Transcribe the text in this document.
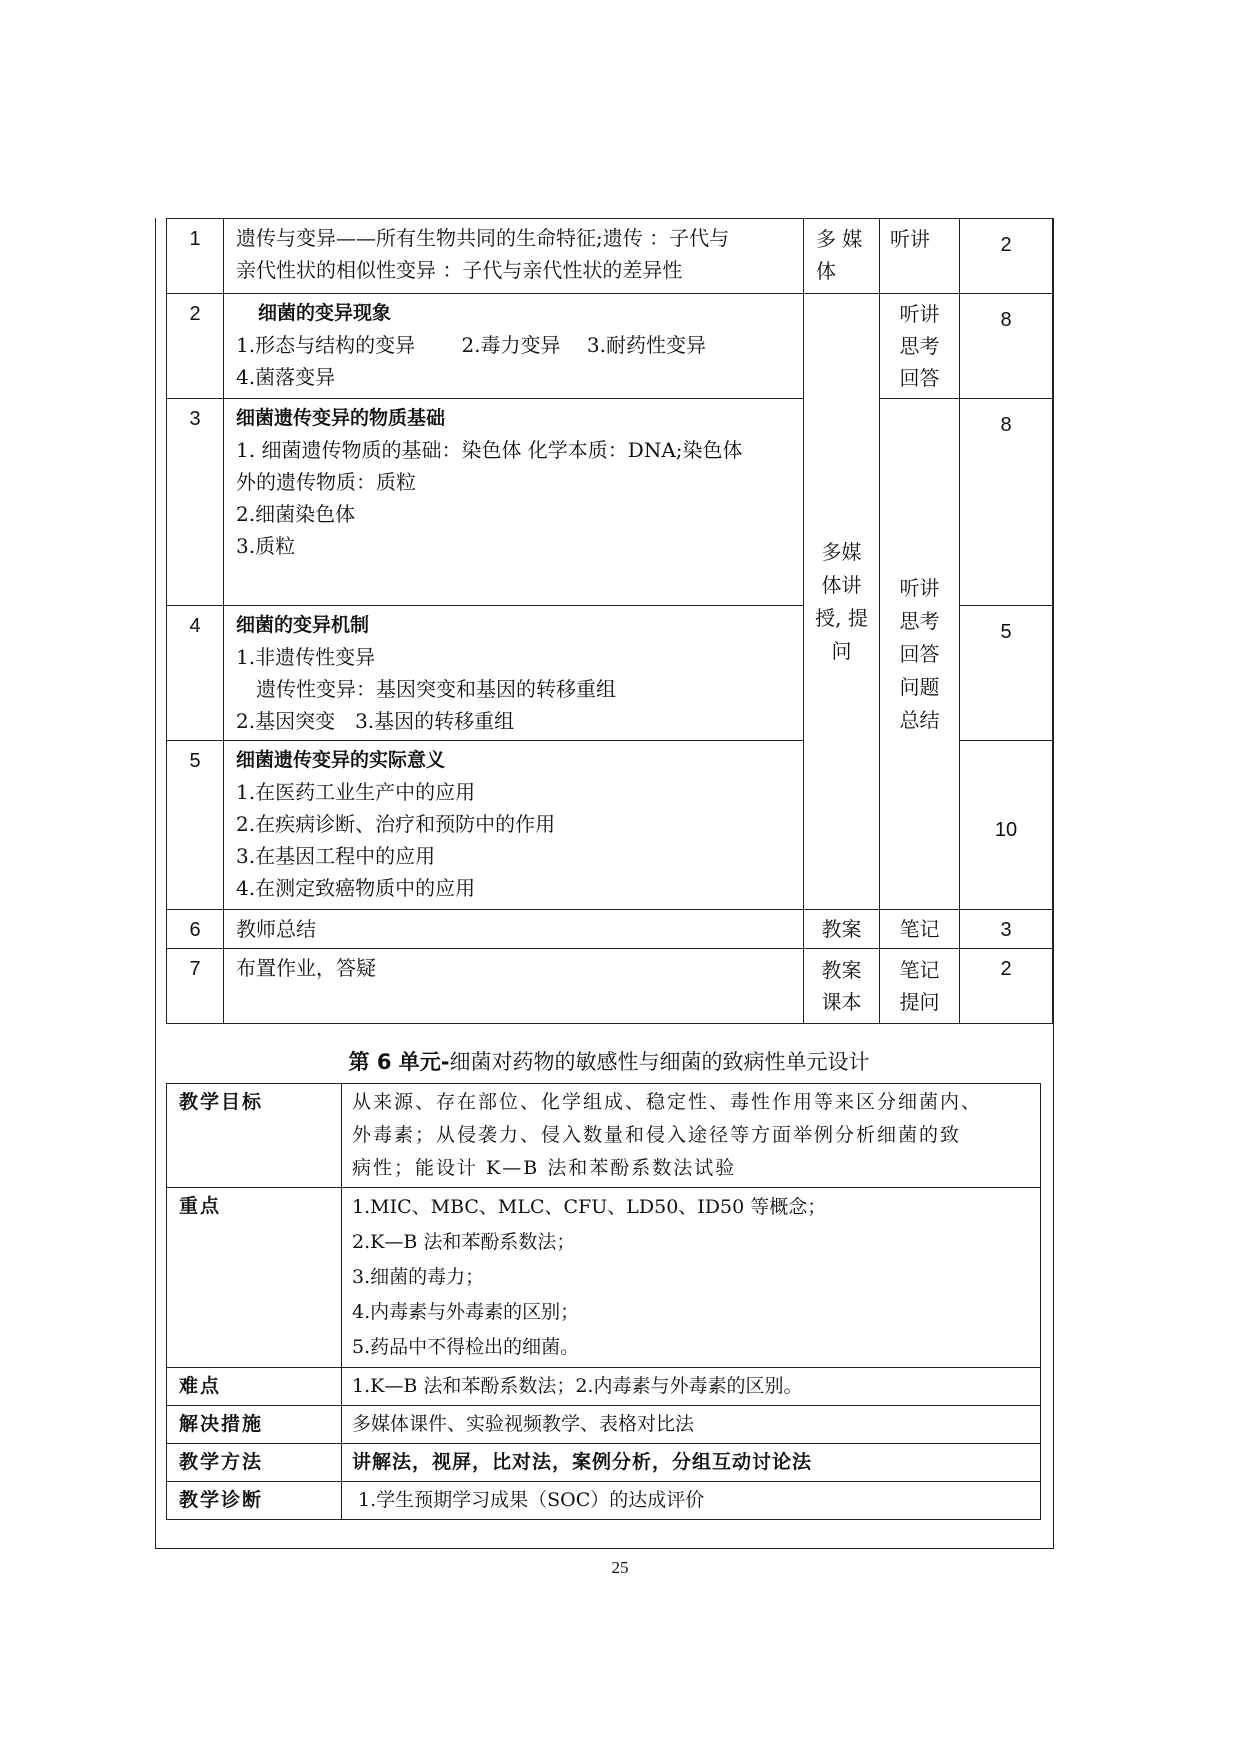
1	遗传与变异——所有生物共同的生命特征;遗传 ：子代与
亲代性状的相似性变异 ：子代与亲代性状的差异性	多 媒 体	听讲	2
2	细菌的变异现象
1.形态与结构的变异　　 2.毒力变异　 3.耐药性变异
4.菌落变异	多媒 体讲 授, 提问	听讲 思考 回答	8
3	细菌遗传变异的物质基础
1. 细菌遗传物质的基础：染色体 化学本质：DNA;染色体
外的遗传物质：质粒
2.细菌染色体
3.质粒		听讲 思考 回答 问题 总结	8
4	细菌的变异机制
1.非遗传性变异
　遗传性变异：基因突变和基因的转移重组
2.基因突变　3.基因的转移重组			5
5	细菌遗传变异的实际意义
1.在医药工业生产中的应用
2.在疾病诊断、治疗和预防中的作用
3.在基因工程中的应用
4.在测定致癌物质中的应用			10
6	教师总结	教案	笔记	3
7	布置作业，答疑	教案 课本	笔记 提问	2
第 6 单元-细菌对药物的敏感性与细菌的致病性单元设计
教学目标	从来源、存在部位、化学组成、稳定性、毒性作用等来区分细菌内、
外毒素；从侵袭力、侵入数量和侵入途径等方面举例分析细菌的致
病性；能设计 K—B 法和苯酚系数法试验

重点	1.MIC、MBC、MLC、CFU、LD50、ID50 等概念；
2.K—B 法和苯酚系数法；
3.细菌的毒力；
4.内毒素与外毒素的区别；
5.药品中不得检出的细菌。

难点	1.K—B 法和苯酚系数法；2.内毒素与外毒素的区别。

解决措施	多媒体课件、实验视频教学、表格对比法

教学方法	讲解法，视屏，比对法，案例分析，分组互动讨论法

教学诊断	1.学生预期学习成果（SOC）的达成评价
25
